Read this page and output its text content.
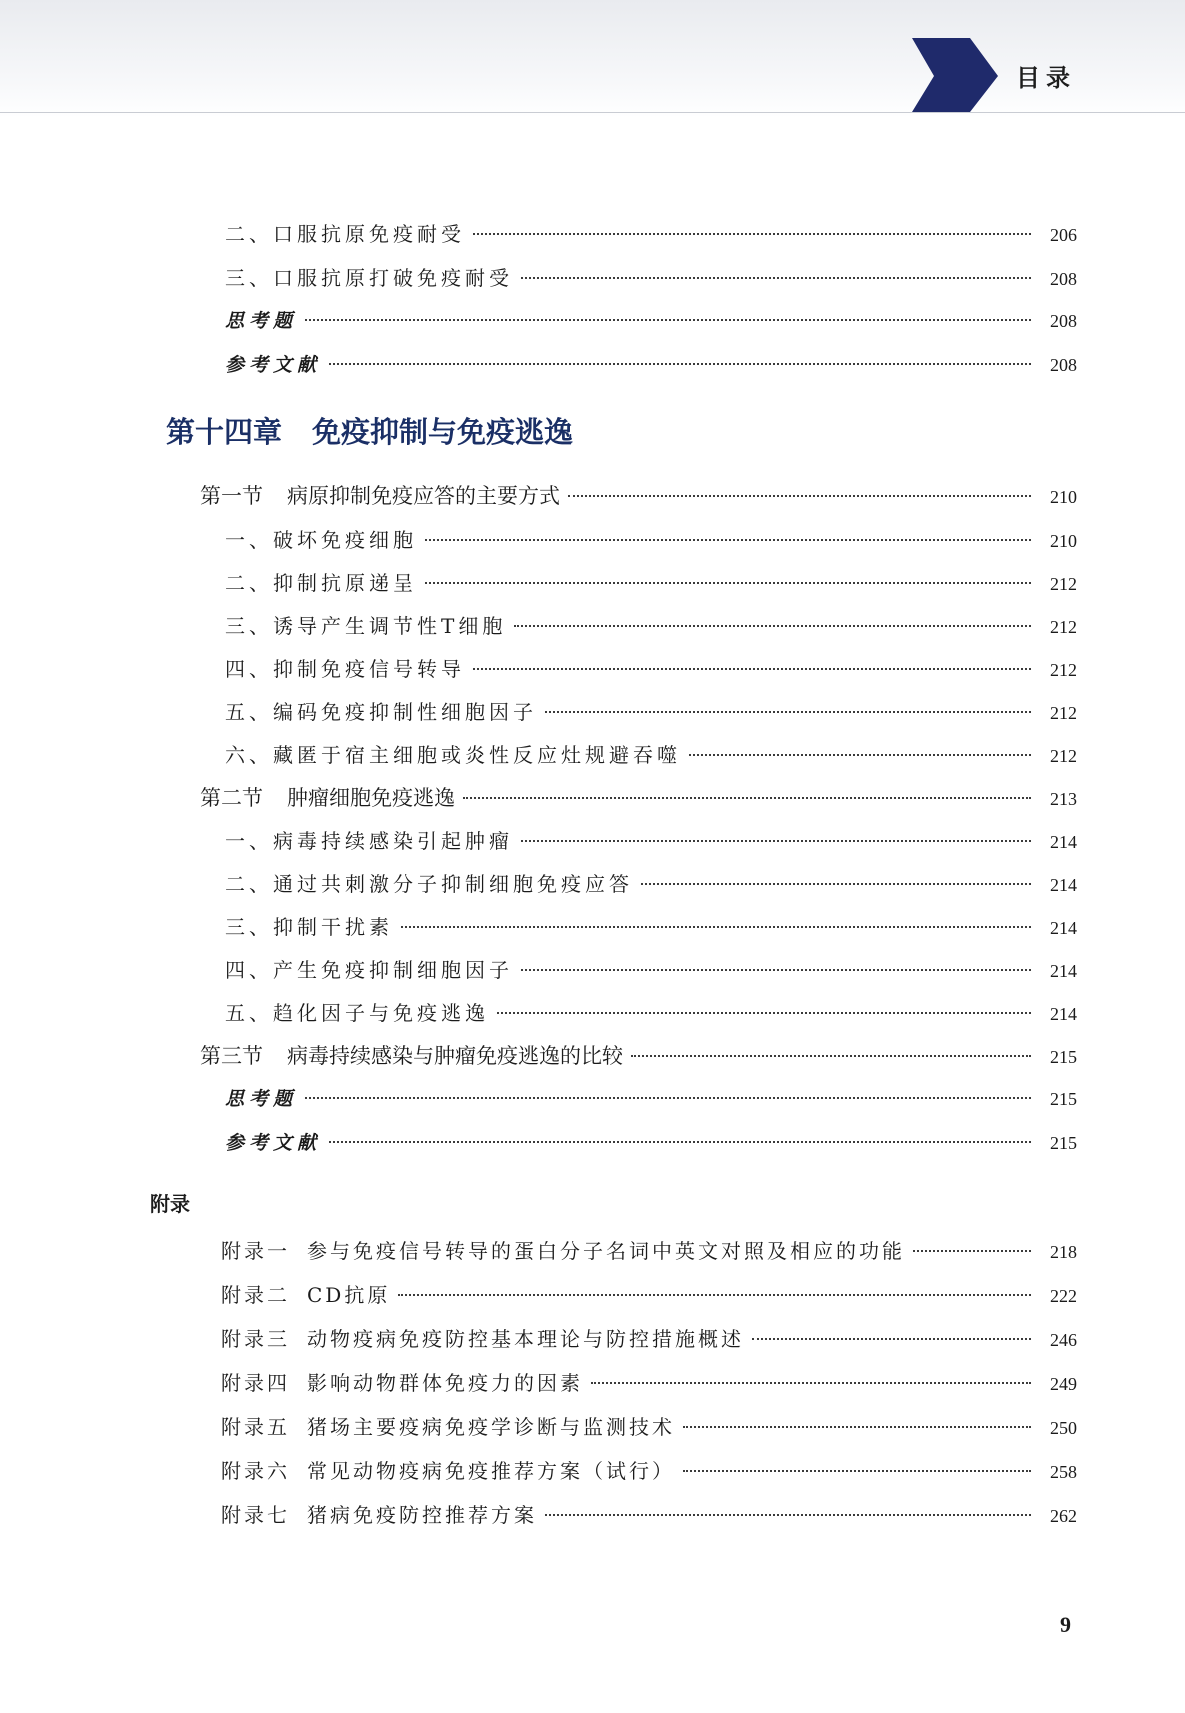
目录
二、口服抗原免疫耐受	206
三、口服抗原打破免疫耐受	208
思考题	208
参考文献	208
第十四章 免疫抑制与免疫逃逸
第一节 病原抑制免疫应答的主要方式	210
一、破坏免疫细胞	210
二、抑制抗原递呈	212
三、诱导产生调节性T细胞	212
四、抑制免疫信号转导	212
五、编码免疫抑制性细胞因子	212
六、藏匿于宿主细胞或炎性反应灶规避吞噬	212
第二节 肿瘤细胞免疫逃逸	213
一、病毒持续感染引起肿瘤	214
二、通过共刺激分子抑制细胞免疫应答	214
三、抑制干扰素	214
四、产生免疫抑制细胞因子	214
五、趋化因子与免疫逃逸	214
第三节 病毒持续感染与肿瘤免疫逃逸的比较	215
思考题	215
参考文献	215
附录
附录一 参与免疫信号转导的蛋白分子名词中英文对照及相应的功能	218
附录二 CD抗原	222
附录三 动物疫病免疫防控基本理论与防控措施概述	246
附录四 影响动物群体免疫力的因素	249
附录五 猪场主要疫病免疫学诊断与监测技术	250
附录六 常见动物疫病免疫推荐方案（试行）	258
附录七 猪病免疫防控推荐方案	262
9
